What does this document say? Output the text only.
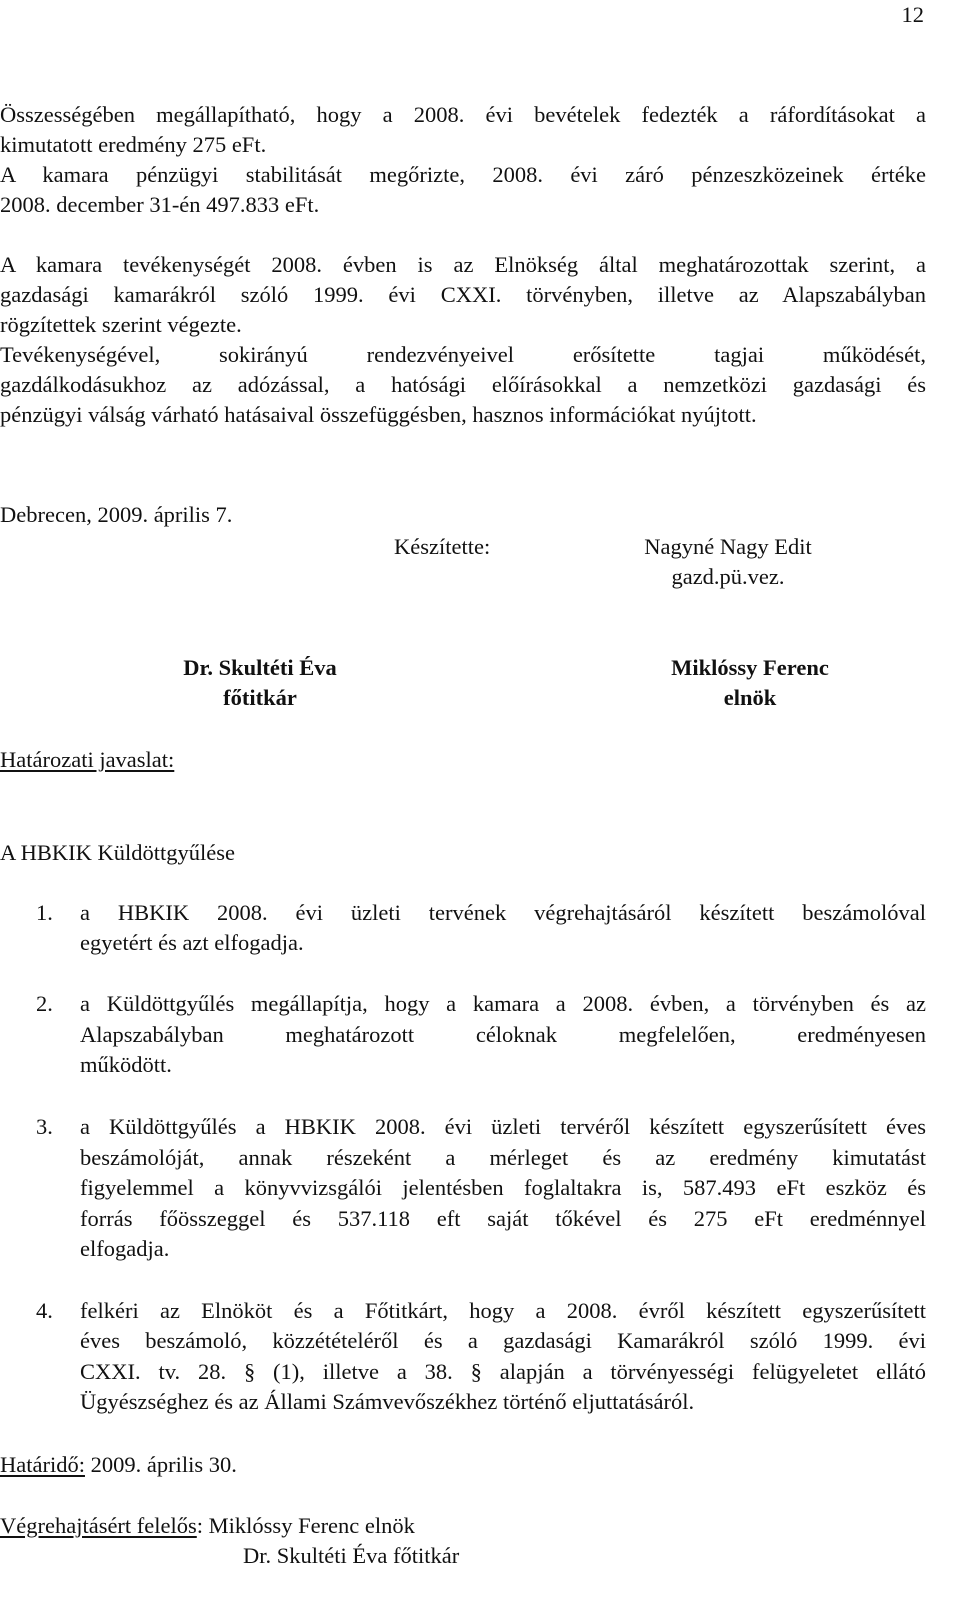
12
Összességében megállapítható, hogy a 2008. évi bevételek fedezték a ráfordításokat a
kimutatott eredmény 275 eFt.
A kamara pénzügyi stabilitását megőrizte, 2008. évi záró pénzeszközeinek értéke
2008. december 31-én 497.833 eFt.
A kamara tevékenységét 2008. évben is az Elnökség által meghatározottak szerint, a
gazdasági kamarákról szóló 1999. évi CXXI. törvényben, illetve az Alapszabályban
rögzítettek szerint végezte.
Tevékenységével, sokirányú rendezvényeivel erősítette tagjai működését,
gazdálkodásukhoz az adózással, a hatósági előírásokkal a nemzetközi gazdasági és
pénzügyi válság várható hatásaival összefüggésben, hasznos információkat nyújtott.
Debrecen, 2009. április 7.
Készítette:	Nagyné Nagy Edit
gazd.pü.vez.
Dr. Skultéti Éva
főtitkár
Miklóssy Ferenc
elnök
Határozati javaslat:
A HBKIK Küldöttgyűlése
1. a HBKIK 2008. évi üzleti tervének végrehajtásáról készített beszámolóval
egyetért és azt elfogadja.
2. a Küldöttgyűlés megállapítja, hogy a kamara a 2008. évben, a törvényben és az
Alapszabályban meghatározott céloknak megfelelően, eredményesen
működött.
3. a Küldöttgyűlés a HBKIK 2008. évi üzleti tervéről készített egyszerűsített éves
beszámolóját, annak részeként a mérleget és az eredmény kimutatást
figyelemmel a könyvvizsgálói jelentésben foglaltakra is, 587.493 eFt eszköz és
forrás főösszeggel és 537.118 eft saját tőkével és 275 eFt eredménnyel
elfogadja.
4. felkéri az Elnököt és a Főtitkárt, hogy a 2008. évről készített egyszerűsített
éves beszámoló, közzétételéről és a gazdasági Kamarákról szóló 1999. évi
CXXI. tv. 28. § (1), illetve a 38. § alapján a törvényességi felügyeletet ellátó
Ügyészséghez és az Állami Számvevőszékhez történő eljuttatásáról.
Határidő: 2009. április 30.
Végrehajtásért felelős: Miklóssy Ferenc elnök
Dr. Skultéti Éva főtitkár
